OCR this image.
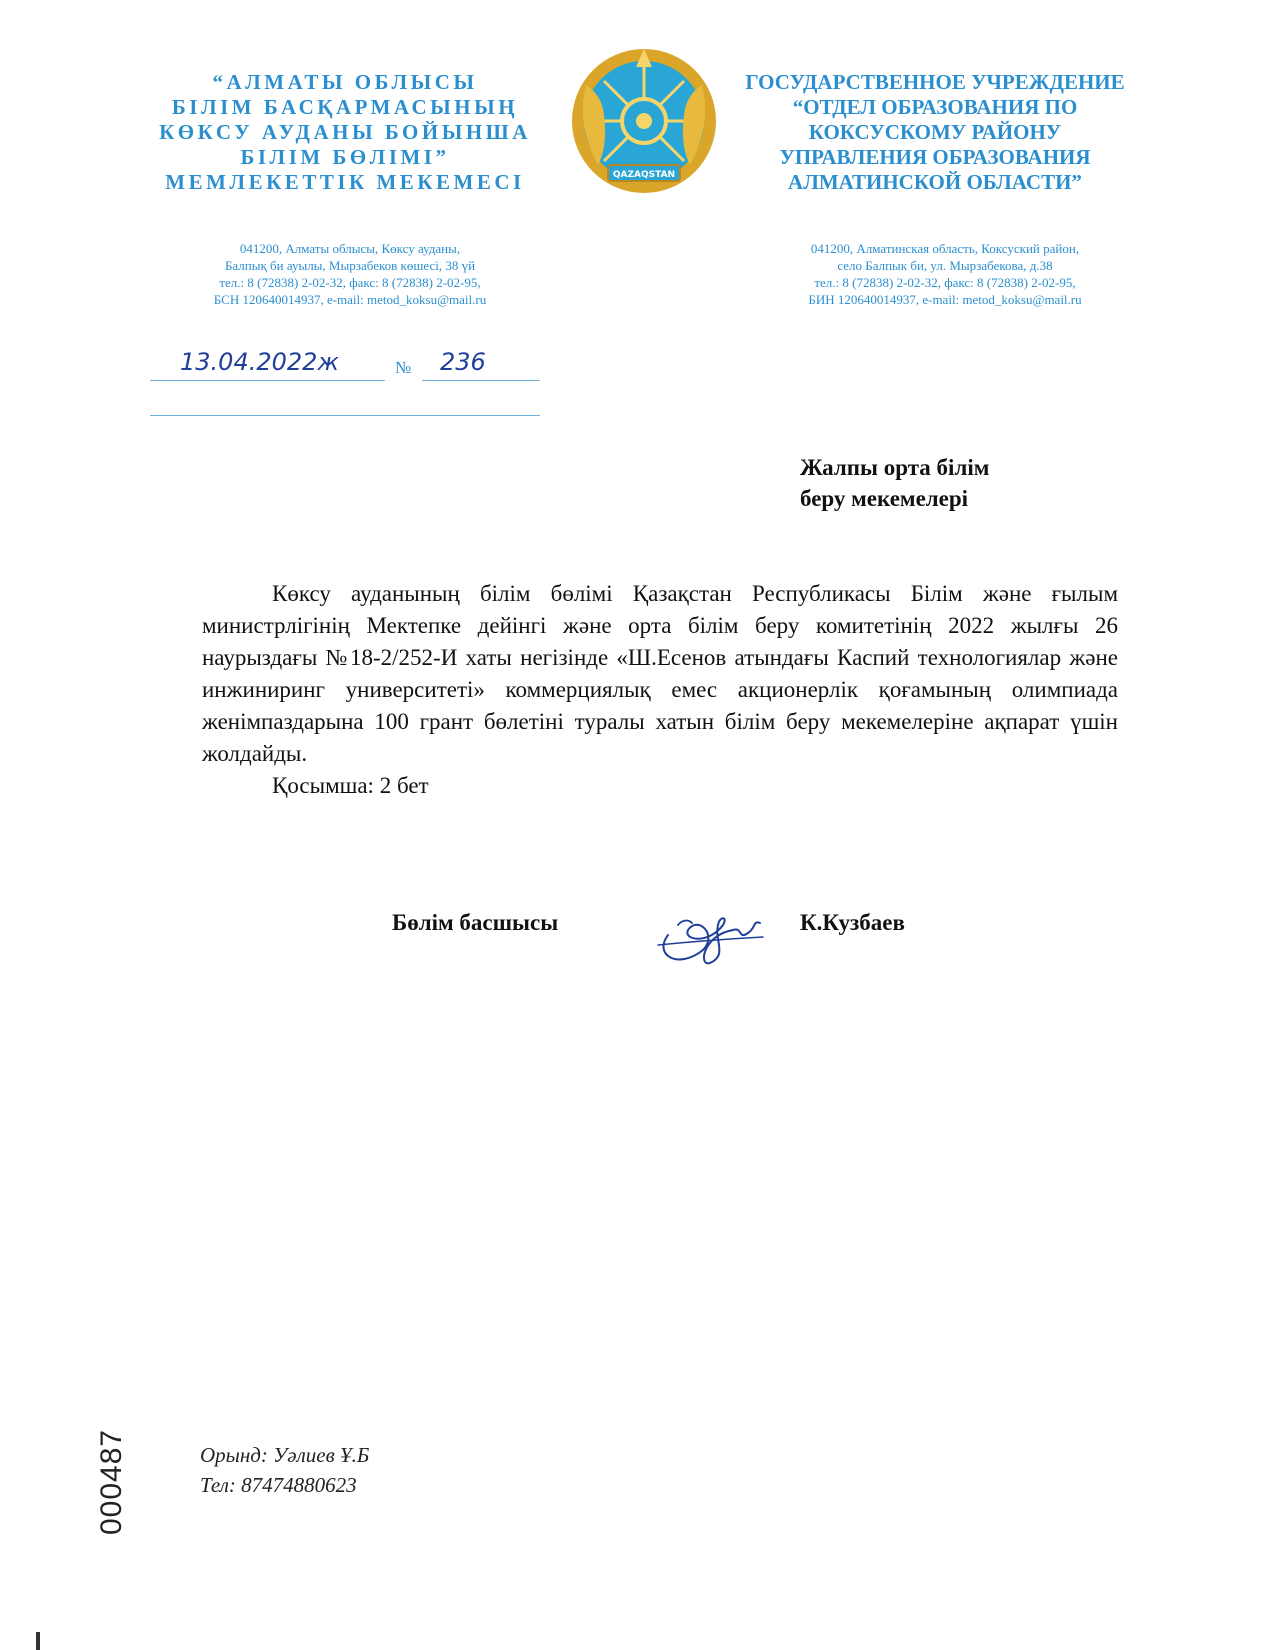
“АЛМАТЫ ОБЛЫСЫ
БІЛІМ БАСҚАРМАСЫНЫҢ
КӨКСУ АУДАНЫ БОЙЫНША
БІЛІМ БӨЛІМІ”
МЕМЛЕКЕТТІК МЕКЕМЕСІ	QAZAQSTAN
ГОСУДАРСТВЕННОЕ УЧРЕЖДЕНИЕ
“ОТДЕЛ ОБРАЗОВАНИЯ ПО
КОКСУСКОМУ РАЙОНУ
УПРАВЛЕНИЯ ОБРАЗОВАНИЯ
АЛМАТИНСКОЙ ОБЛАСТИ”
041200, Алматы облысы, Көксу ауданы,
Балпық би ауылы, Мырзабеков көшесі, 38 үй
тел.: 8 (72838) 2-02-32, факс: 8 (72838) 2-02-95,
БСН 120640014937, e-mail: metod_koksu@mail.ru
041200, Алматинская область, Коксуский район,
село Балпык би, ул. Мырзабекова, д.38
тел.: 8 (72838) 2-02-32, факс: 8 (72838) 2-02-95,
БИН 120640014937, e-mail: metod_koksu@mail.ru
13.04.2022ж	№ 236
Жалпы орта білім
беру мекемелері

Көксу ауданының білім бөлімі Қазақстан Республикасы Білім және ғылым министрлігінің Мектепке дейінгі және орта білім беру комитетінің 2022 жылғы 26 наурыздағы №18-2/252-И хаты негізінде «Ш.Есенов атындағы Каспий технологиялар және инжиниринг университеті» коммерциялық емес акционерлік қоғамының олимпиада женімпаздарына 100 грант бөлетіні туралы хатын білім беру мекемелеріне ақпарат үшін жолдайды.

Қосымша: 2 бет

Бөлім басшысы	К.Кузбаев
Орынд: Уәлиев Ұ.Б
Тел: 87474880623
000487
